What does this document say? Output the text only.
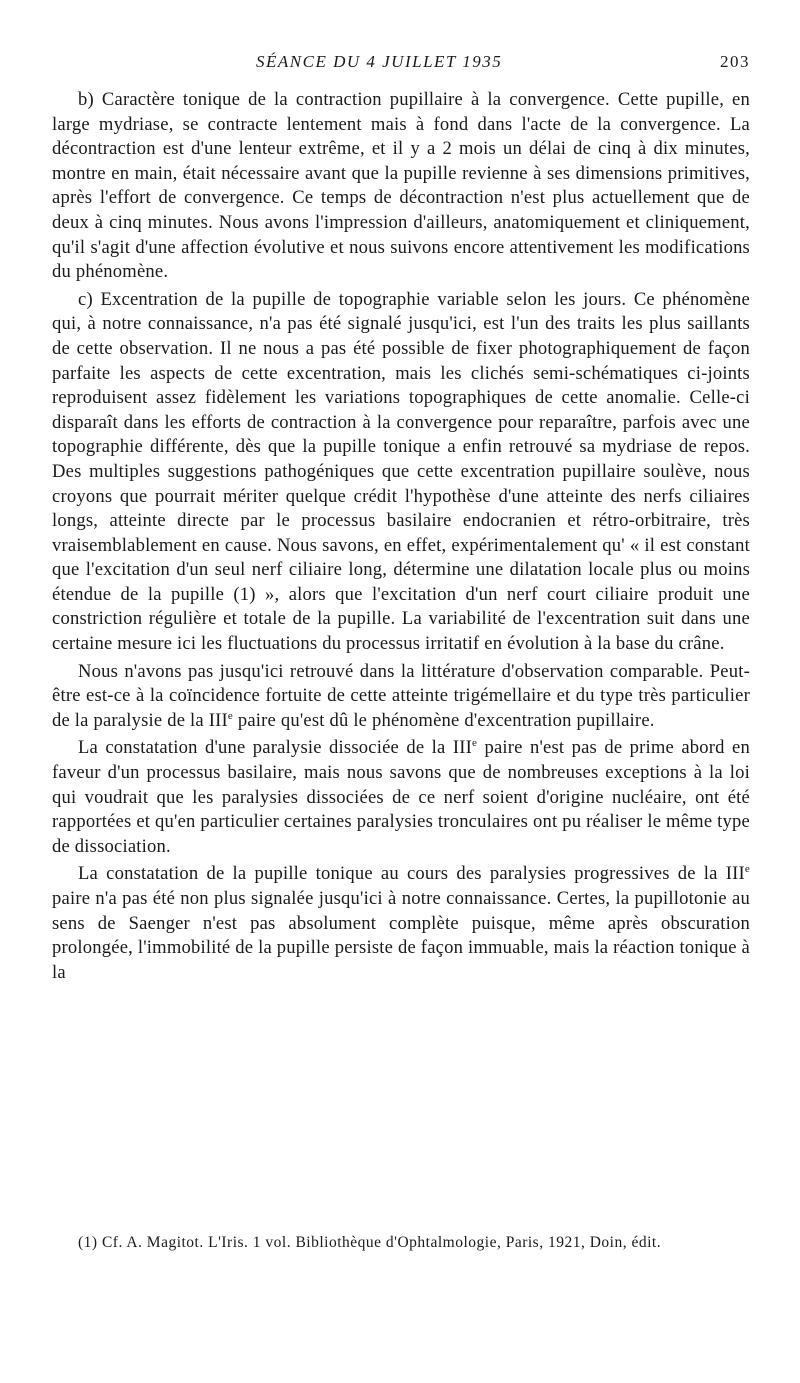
SÉANCE DU 4 JUILLET 1935	203

b) Caractère tonique de la contraction pupillaire à la convergence. Cette pupille, en large mydriase, se contracte lentement mais à fond dans l'acte de la convergence. La décontraction est d'une lenteur extrême, et il y a 2 mois un délai de cinq à dix minutes, montre en main, était nécessaire avant que la pupille revienne à ses dimensions primitives, après l'effort de convergence. Ce temps de décontraction n'est plus actuellement que de deux à cinq minutes. Nous avons l'impression d'ailleurs, anatomiquement et cliniquement, qu'il s'agit d'une affection évolutive et nous suivons encore attentivement les modifications du phénomène.

c) Excentration de la pupille de topographie variable selon les jours. Ce phénomène qui, à notre connaissance, n'a pas été signalé jusqu'ici, est l'un des traits les plus saillants de cette observation. Il ne nous a pas été possible de fixer photographiquement de façon parfaite les aspects de cette excentration, mais les clichés semi-schématiques ci-joints reproduisent assez fidèlement les variations topographiques de cette anomalie. Celle-ci disparaît dans les efforts de contraction à la convergence pour reparaître, parfois avec une topographie différente, dès que la pupille tonique a enfin retrouvé sa mydriase de repos. Des multiples suggestions pathogéniques que cette excentration pupillaire soulève, nous croyons que pourrait mériter quelque crédit l'hypothèse d'une atteinte des nerfs ciliaires longs, atteinte directe par le processus basilaire endocranien et rétro-orbitraire, très vraisemblablement en cause. Nous savons, en effet, expérimentalement qu' « il est constant que l'excitation d'un seul nerf ciliaire long, détermine une dilatation locale plus ou moins étendue de la pupille (1) », alors que l'excitation d'un nerf court ciliaire produit une constriction régulière et totale de la pupille. La variabilité de l'excentration suit dans une certaine mesure ici les fluctuations du processus irritatif en évolution à la base du crâne.

Nous n'avons pas jusqu'ici retrouvé dans la littérature d'observation comparable. Peut-être est-ce à la coïncidence fortuite de cette atteinte trigémellaire et du type très particulier de la paralysie de la IIIe paire qu'est dû le phénomène d'excentration pupillaire.

La constatation d'une paralysie dissociée de la IIIe paire n'est pas de prime abord en faveur d'un processus basilaire, mais nous savons que de nombreuses exceptions à la loi qui voudrait que les paralysies dissociées de ce nerf soient d'origine nucléaire, ont été rapportées et qu'en particulier certaines paralysies tronculaires ont pu réaliser le même type de dissociation.

La constatation de la pupille tonique au cours des paralysies progressives de la IIIe paire n'a pas été non plus signalée jusqu'ici à notre connaissance. Certes, la pupillotonie au sens de Saenger n'est pas absolument complète puisque, même après obscuration prolongée, l'immobilité de la pupille persiste de façon immuable, mais la réaction tonique à la

(1) Cf. A. Magitot. L'Iris. 1 vol. Bibliothèque d'Ophtalmologie, Paris, 1921, Doin, édit.
